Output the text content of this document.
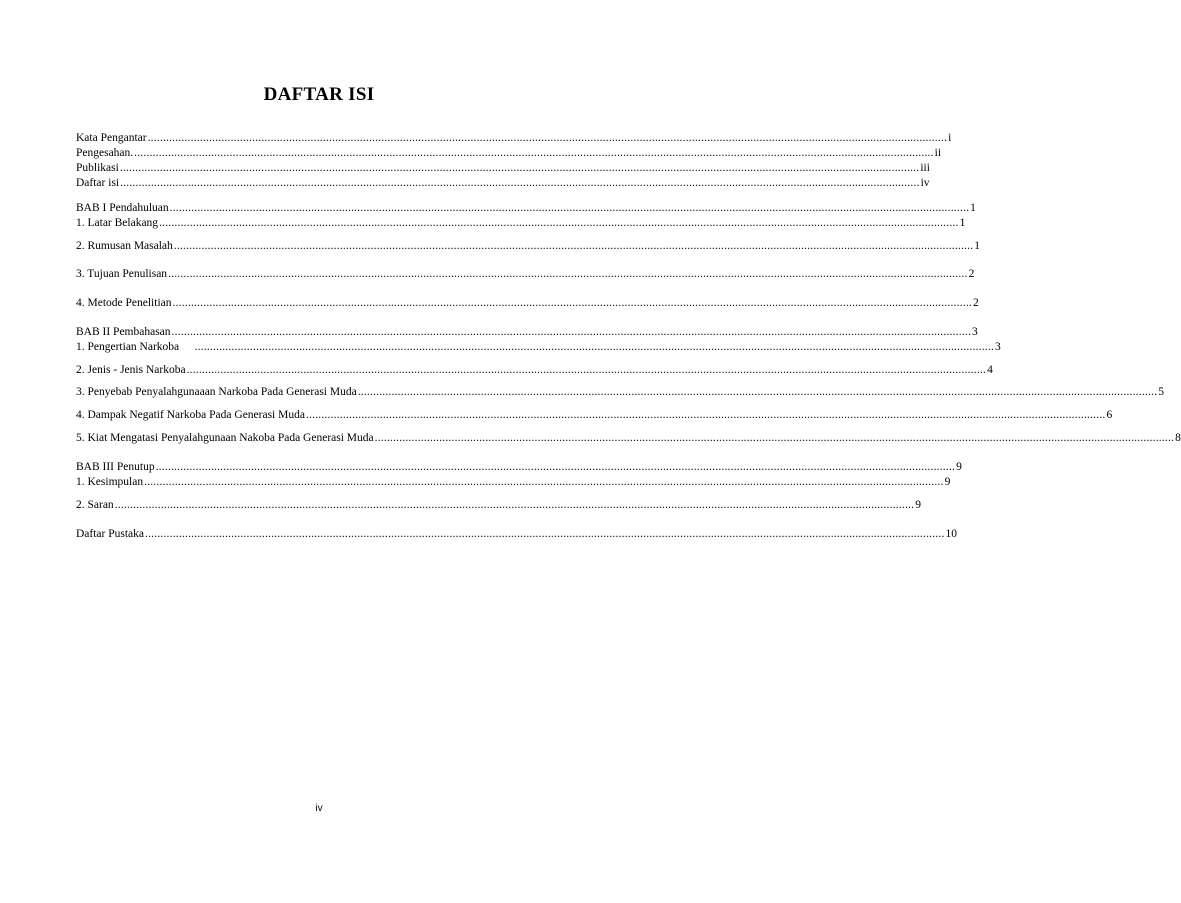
DAFTAR ISI
Kata Pengantar .....	i
Pengesahan. .....	ii
Publikasi .....	iii
Daftar isi .....	iv
BAB I Pendahuluan .....	1
1. Latar Belakang .....	1
2. Rumusan Masalah .....	1
3. Tujuan Penulisan .....	2
4. Metode Penelitian .....	2
BAB II Pembahasan .....	3
1. Pengertian Narkoba .....	3
2. Jenis - Jenis Narkoba .....	4
3. Penyebab Penyalahgunaaan Narkoba Pada Generasi Muda .....	5
4. Dampak Negatif Narkoba Pada Generasi Muda .....	6
5. Kiat Mengatasi Penyalahgunaan Nakoba Pada Generasi Muda .....	8
BAB III Penutup .....	9
1. Kesimpulan .....	9
2. Saran .....	9
Daftar Pustaka .....	10
iv
